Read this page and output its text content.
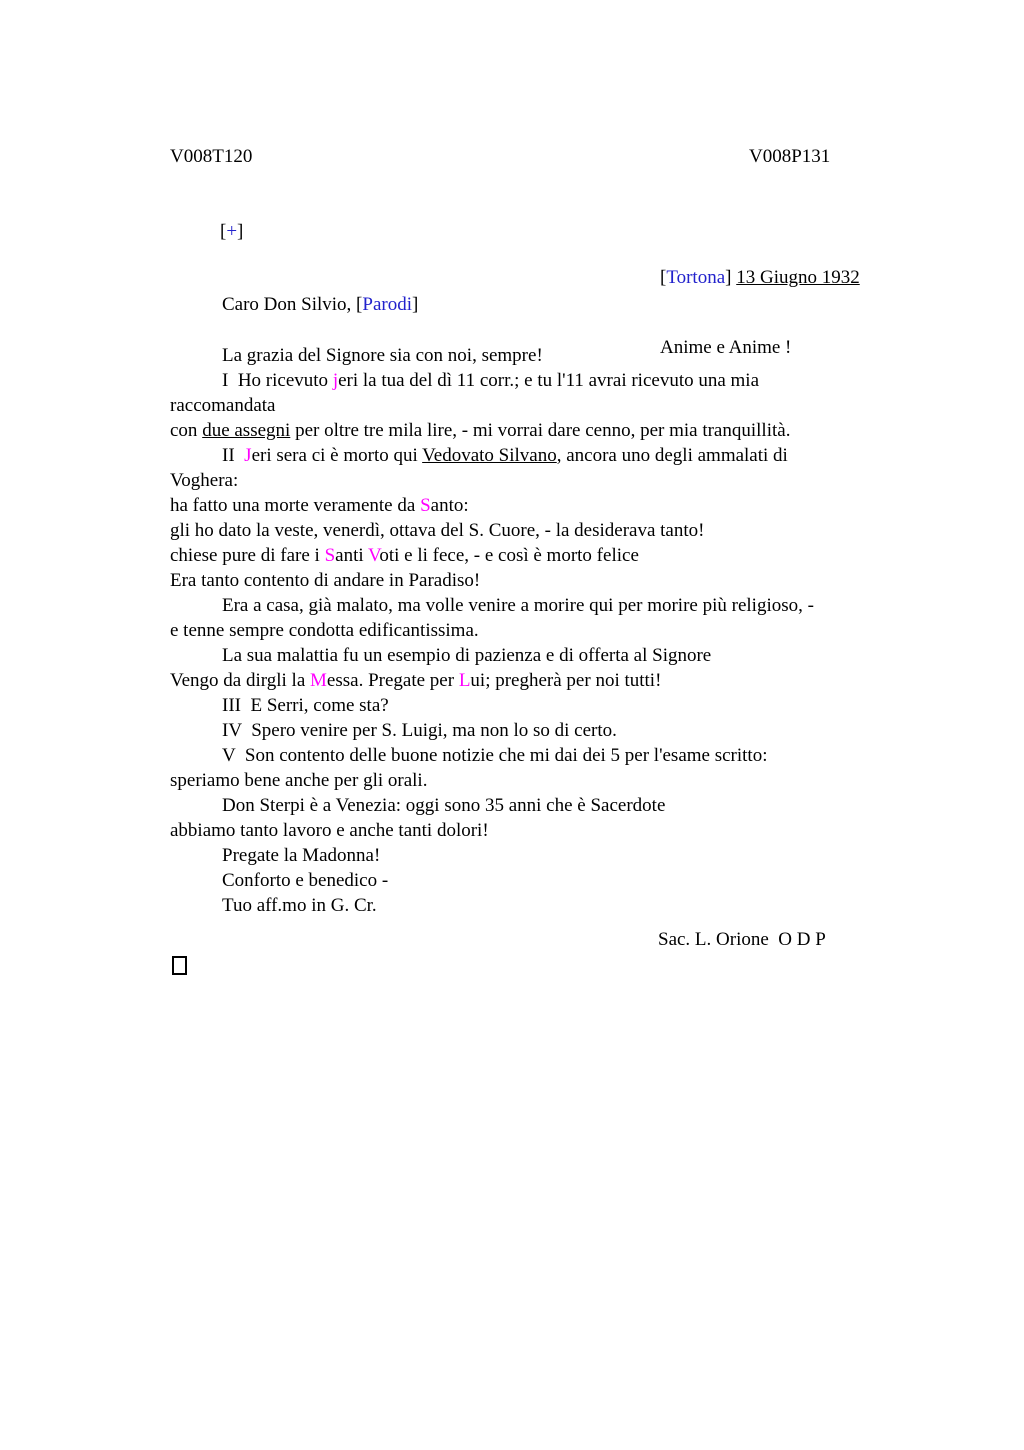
V008T120	V008P131
[+]

[Tortona] 13 Giugno 1932

Anime e Anime !

Caro Don Silvio, [Parodi]
La grazia del Signore sia con noi, sempre!
I  Ho ricevuto jeri la tua del dì 11 corr.; e tu l'11 avrai ricevuto una mia
raccomandata
con due assegni per oltre tre mila lire, - mi vorrai dare cenno, per mia tranquillità.
II  Jeri sera ci è morto qui Vedovato Silvano, ancora uno degli ammalati di
Voghera:
ha fatto una morte veramente da Santo:
gli ho dato la veste, venerdì, ottava del S. Cuore, - la desiderava tanto!
chiese pure di fare i Santi Voti e li fece, - e così è morto felice
Era tanto contento di andare in Paradiso!
Era a casa, già malato, ma volle venire a morire qui per morire più religioso, -
e tenne sempre condotta edificantissima.
La sua malattia fu un esempio di pazienza e di offerta al Signore
Vengo da dirgli la Messa. Pregate per Lui; pregherà per noi tutti!
III  E Serri, come sta?
IV  Spero venire per S. Luigi, ma non lo so di certo.
V  Son contento delle buone notizie che mi dai dei 5 per l'esame scritto:
speriamo bene anche per gli orali.
Don Sterpi è a Venezia: oggi sono 35 anni che è Sacerdote
abbiamo tanto lavoro e anche tanti dolori!
Pregate la Madonna!
Conforto e benedico -
Tuo aff.mo in G. Cr.
Sac. L. Orione  O D P
